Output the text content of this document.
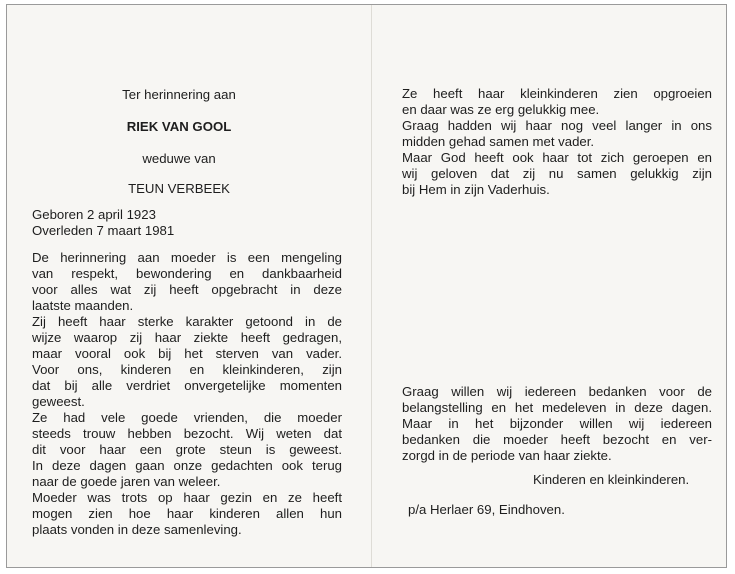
Ter herinnering aan

RIEK VAN GOOL

weduwe van

TEUN VERBEEK

Geboren 2 april 1923

Overleden 7 maart 1981

De herinnering aan moeder is een mengeling
van respekt, bewondering en dankbaarheid
voor alles wat zij heeft opgebracht in deze
laatste maanden.
Zij heeft haar sterke karakter getoond in de
wijze waarop zij haar ziekte heeft gedragen,
maar vooral ook bij het sterven van vader.
Voor ons, kinderen en kleinkinderen, zijn
dat bij alle verdriet onvergetelijke momenten
geweest.
Ze had vele goede vrienden, die moeder
steeds trouw hebben bezocht. Wij weten dat
dit voor haar een grote steun is geweest.
In deze dagen gaan onze gedachten ook terug
naar de goede jaren van weleer.
Moeder was trots op haar gezin en ze heeft
mogen zien hoe haar kinderen allen hun
plaats vonden in deze samenleving.
Ze heeft haar kleinkinderen zien opgroeien
en daar was ze erg gelukkig mee.
Graag hadden wij haar nog veel langer in ons
midden gehad samen met vader.
Maar God heeft ook haar tot zich geroepen en
wij geloven dat zij nu samen gelukkig zijn
bij Hem in zijn Vaderhuis.
Graag willen wij iedereen bedanken voor de
belangstelling en het medeleven in deze dagen.
Maar in het bijzonder willen wij iedereen
bedanken die moeder heeft bezocht en ver-
zorgd in de periode van haar ziekte.

Kinderen en kleinkinderen.

p/a Herlaer 69, Eindhoven.
